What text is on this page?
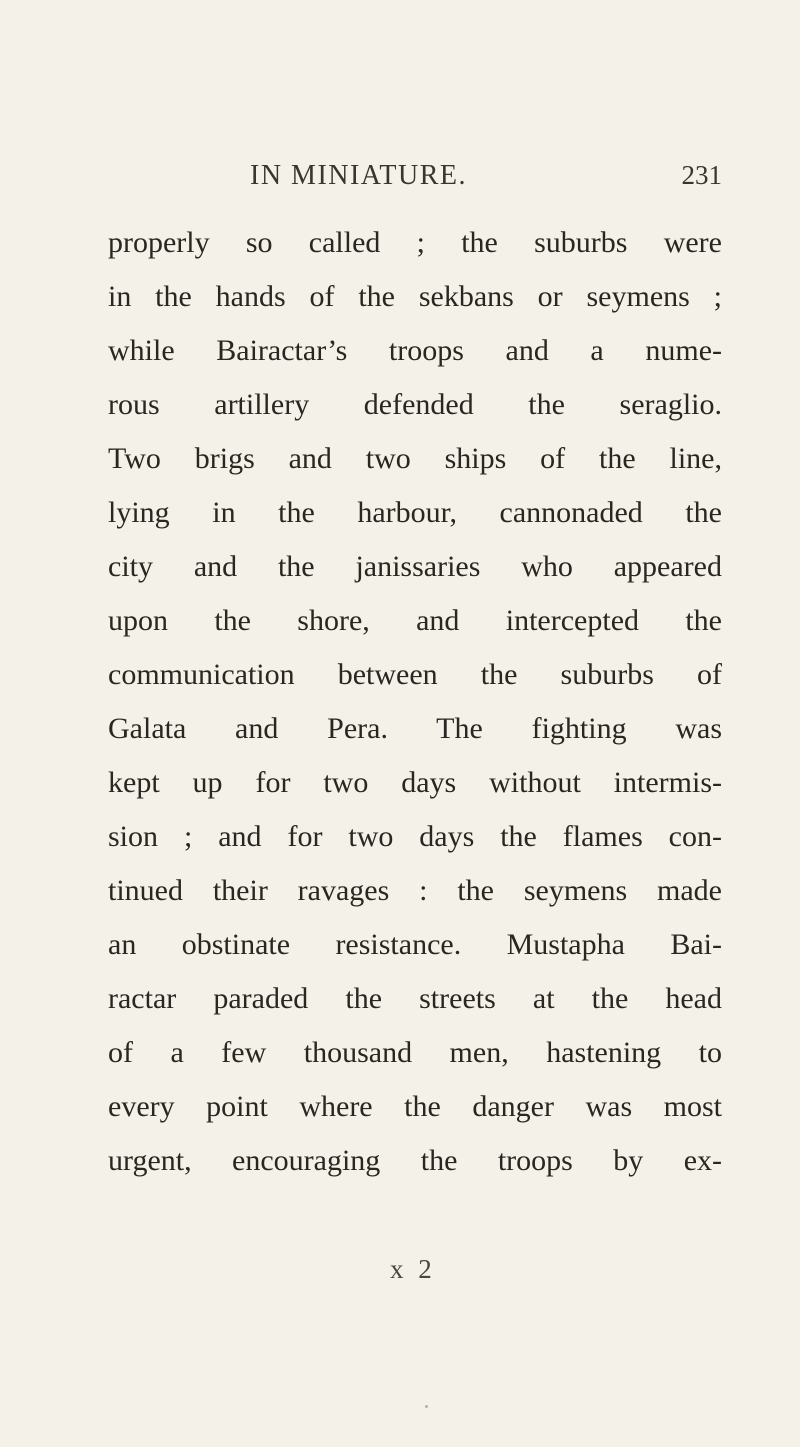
IN MINIATURE.	231
properly so called ; the suburbs were
in the hands of the sekbans or seymens ;
while Bairactar’s troops and a nume-
rous artillery defended the seraglio.
Two brigs and two ships of the line,
lying in the harbour, cannonaded the
city and the janissaries who appeared
upon the shore, and intercepted the
communication between the suburbs of
Galata and Pera. The fighting was
kept up for two days without intermis-
sion ; and for two days the flames con-
tinued their ravages : the seymens made
an obstinate resistance. Mustapha Bai-
ractar paraded the streets at the head
of a few thousand men, hastening to
every point where the danger was most
urgent, encouraging the troops by ex-
x 2
